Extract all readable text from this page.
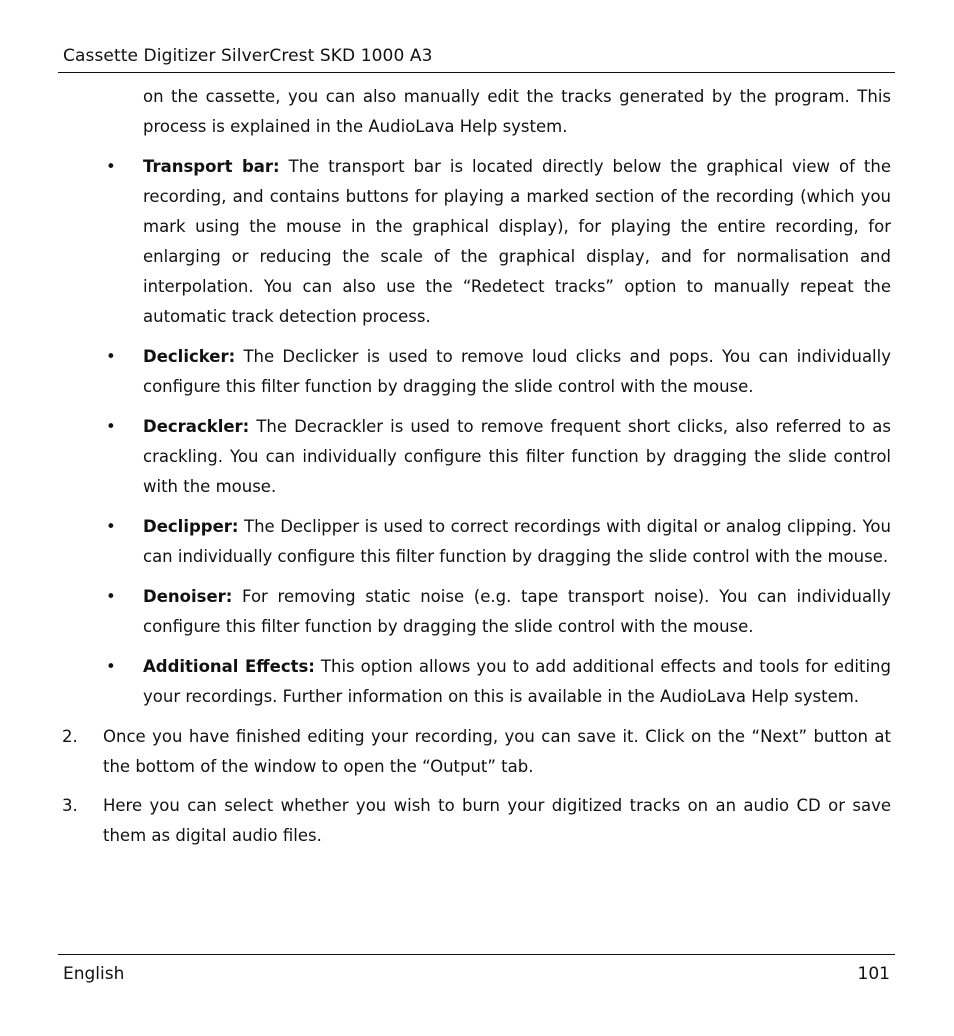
Cassette Digitizer SilverCrest SKD 1000 A3

on the cassette, you can also manually edit the tracks generated by the program. This process is explained in the AudioLava Help system.

• Transport bar: The transport bar is located directly below the graphical view of the recording, and contains buttons for playing a marked section of the recording (which you mark using the mouse in the graphical display), for playing the entire recording, for enlarging or reducing the scale of the graphical display, and for normalisation and interpolation. You can also use the “Redetect tracks” option to manually repeat the automatic track detection process.
• Declicker: The Declicker is used to remove loud clicks and pops. You can individually configure this filter function by dragging the slide control with the mouse.
• Decrackler: The Decrackler is used to remove frequent short clicks, also referred to as crackling. You can individually configure this filter function by dragging the slide control with the mouse.
• Declipper: The Declipper is used to correct recordings with digital or analog clipping. You can individually configure this filter function by dragging the slide control with the mouse.
• Denoiser: For removing static noise (e.g. tape transport noise). You can individually configure this filter function by dragging the slide control with the mouse.
• Additional Effects: This option allows you to add additional effects and tools for editing your recordings. Further information on this is available in the AudioLava Help system.
2. Once you have finished editing your recording, you can save it. Click on the “Next” button at the bottom of the window to open the “Output” tab.
3. Here you can select whether you wish to burn your digitized tracks on an audio CD or save them as digital audio files.
English	101
